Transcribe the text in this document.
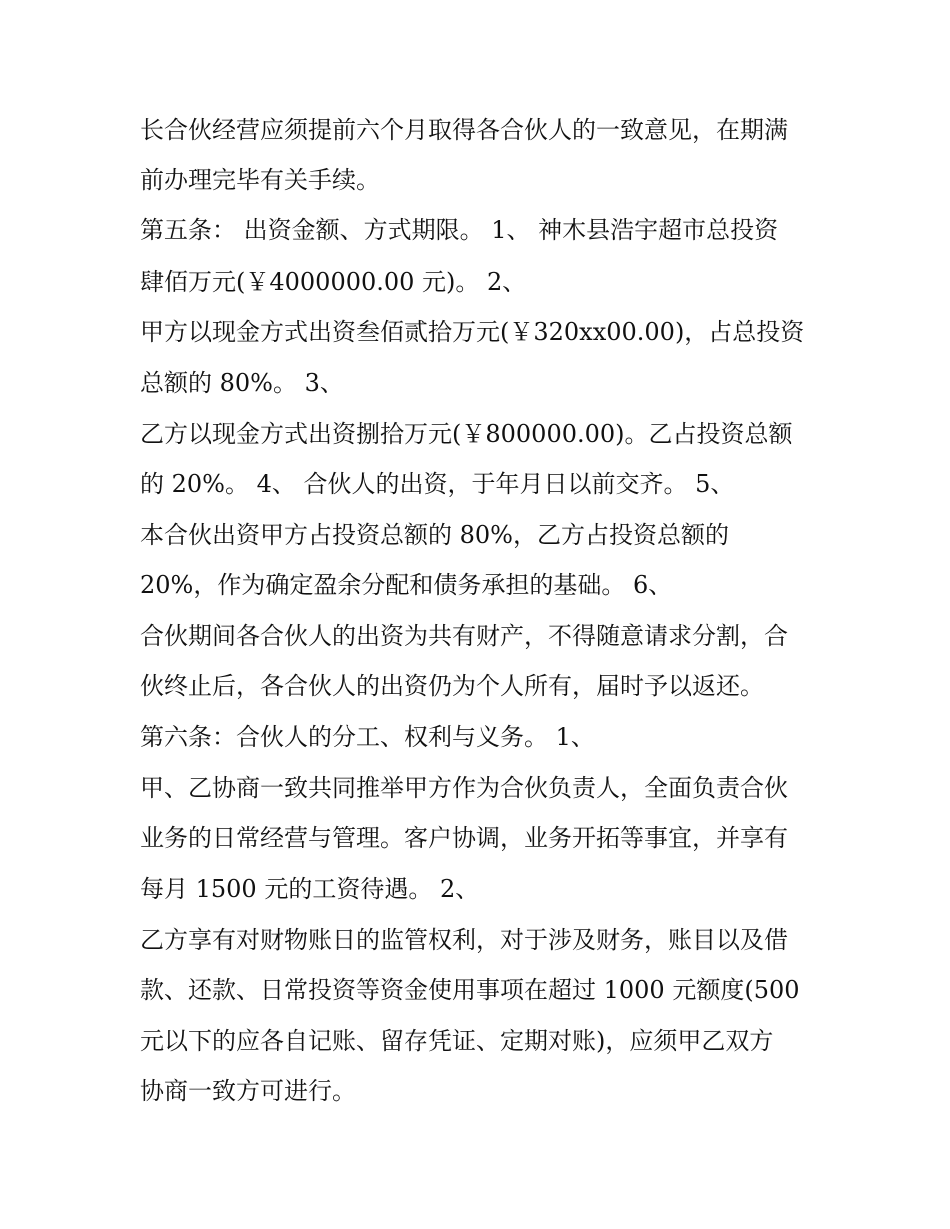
长合伙经营应须提前六个月取得各合伙人的一致意见，在期满

前办理完毕有关手续。

第五条： 出资金额、方式期限。 1、 神木县浩宇超市总投资

肆佰万元(￥4000000.00 元)。 2、

甲方以现金方式出资叁佰贰拾万元(￥320xx00.00)，占总投资

总额的 80%。 3、

乙方以现金方式出资捌拾万元(￥800000.00)。乙占投资总额

的 20%。 4、 合伙人的出资，于年月日以前交齐。 5、

本合伙出资甲方占投资总额的 80%，乙方占投资总额的

20%，作为确定盈余分配和债务承担的基础。 6、

合伙期间各合伙人的出资为共有财产，不得随意请求分割，合

伙终止后，各合伙人的出资仍为个人所有，届时予以返还。

第六条：合伙人的分工、权利与义务。 1、

甲、乙协商一致共同推举甲方作为合伙负责人，全面负责合伙

业务的日常经营与管理。客户协调，业务开拓等事宜，并享有

每月 1500 元的工资待遇。 2、

乙方享有对财物账日的监管权利，对于涉及财务，账目以及借

款、还款、日常投资等资金使用事项在超过 1000 元额度(500

元以下的应各自记账、留存凭证、定期对账)，应须甲乙双方

协商一致方可进行。
